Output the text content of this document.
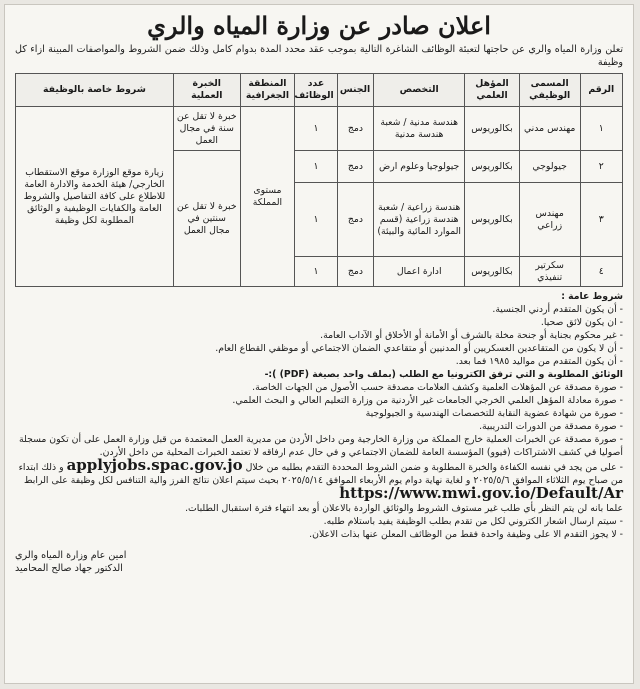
اعلان صادر عن وزارة المياه والري

تعلن وزارة المياه والري عن حاجتها لتعبئة الوظائف الشاغرة التالية بموجب عقد محدد المدة بدوام كامل وذلك ضمن الشروط والمواصفات المبينة ازاء كل وظيفة

الرقم	المسمى الوظيفي	المؤهل العلمي	التخصص	الجنس	عدد الوظائف	المنطقة الجغرافية	الخبرة العملية	شروط خاصة بالوظيفة
١	مهندس مدني	بكالوريوس	هندسة مدنية / شعبة هندسة مدنية	دمج	١	مستوى المملكة	خبرة لا تقل عن سنة في مجال العمل	زيارة موقع الوزارة موقع الاستقطاب الخارجي/ هيئة الخدمة والادارة العامة للاطلاع على كافة التفاصيل والشروط العامة والكفايات الوظيفية و الوثائق المطلوبة لكل وظيفة
٢	جيولوجي	بكالوريوس	جيولوجيا وعلوم ارض	دمج	١		خبرة لا تقل عن سنتين في مجال العمل	
٣	مهندس زراعي	بكالوريوس	هندسة زراعية / شعبة هندسة زراعية (قسم الموارد المائية والبيئة)	دمج	١			
٤	سكرتير تنفيذي	بكالوريوس	ادارة اعمال	دمج	١			

شروط عامة :

- أن يكون المتقدم أردني الجنسية.

- ان يكون لائق صحيا.

- غير محكوم بجناية أو جنحة مخلة بالشرف أو الأمانة أو الأخلاق أو الآداب العامة.

- أن لا يكون من المتقاعدين العسكريين أو المدنيين أو متقاعدي الضمان الاجتماعي أو موظفي القطاع العام.

- أن يكون المتقدم من مواليد ١٩٨٥ فما بعد.

الوثائق المطلوبة و التي ترفق الكترونيا مع الطلب (بملف واحد بصيغة (PDF) ):-

- صورة مصدقة عن المؤهلات العلمية وكشف العلامات مصدقة حسب الأصول من الجهات الخاصة.

- صورة معادلة المؤهل العلمي الخرجي الجامعات غير الأردنية من وزارة التعليم العالي و البحث العلمي.

- صورة من شهادة عضوية النقابة للتخصصات الهندسية و الجيولوجية

- صورة مصدقة من الدورات التدريبية.

- صورة مصدقة عن الخبرات العملية خارج المملكة من وزارة الخارجية ومن داخل الأردن من مديرية العمل المعتمدة من قبل وزارة العمل على أن تكون مسجلة أصوليا في كشف الاشتراكات (فيوو) المؤسسة العامة للضمان الاجتماعي و في حال عدم ارفاقه لا تعتمد الخبرات المحلية من داخل الأردن.

- على من يجد في نفسه الكفاءة والخبرة المطلوبة و ضمن الشروط المحددة التقدم بطلبه من خلال applyjobs.spac.gov.jo و ذلك ابتداء من صباح يوم الثلاثاء الموافق ٢٠٢٥/٥/٦ و لغاية نهاية دوام يوم الأربعاء الموافق ٢٠٢٥/٥/١٤ بحيث سيتم اعلان نتائج الفرز والية التنافس لكل وظيفة على الرابط https://www.mwi.gov.io/Default/Ar

علما بانه لن يتم النظر بأي طلب غير مستوف الشروط والوثائق الواردة بالاعلان أو بعد انتهاء فترة استقبال الطلبات.

- سيتم ارسال اشعار الكتروني لكل من تقدم بطلب الوظيفة يفيد باستلام طلبه.

- لا يجوز التقدم الا على وظيفة واحدة فقط من الوظائف المعلن عنها بذات الاعلان.

امين عام وزارة المياه والري

الدكتور جهاد صالح المحاميد
